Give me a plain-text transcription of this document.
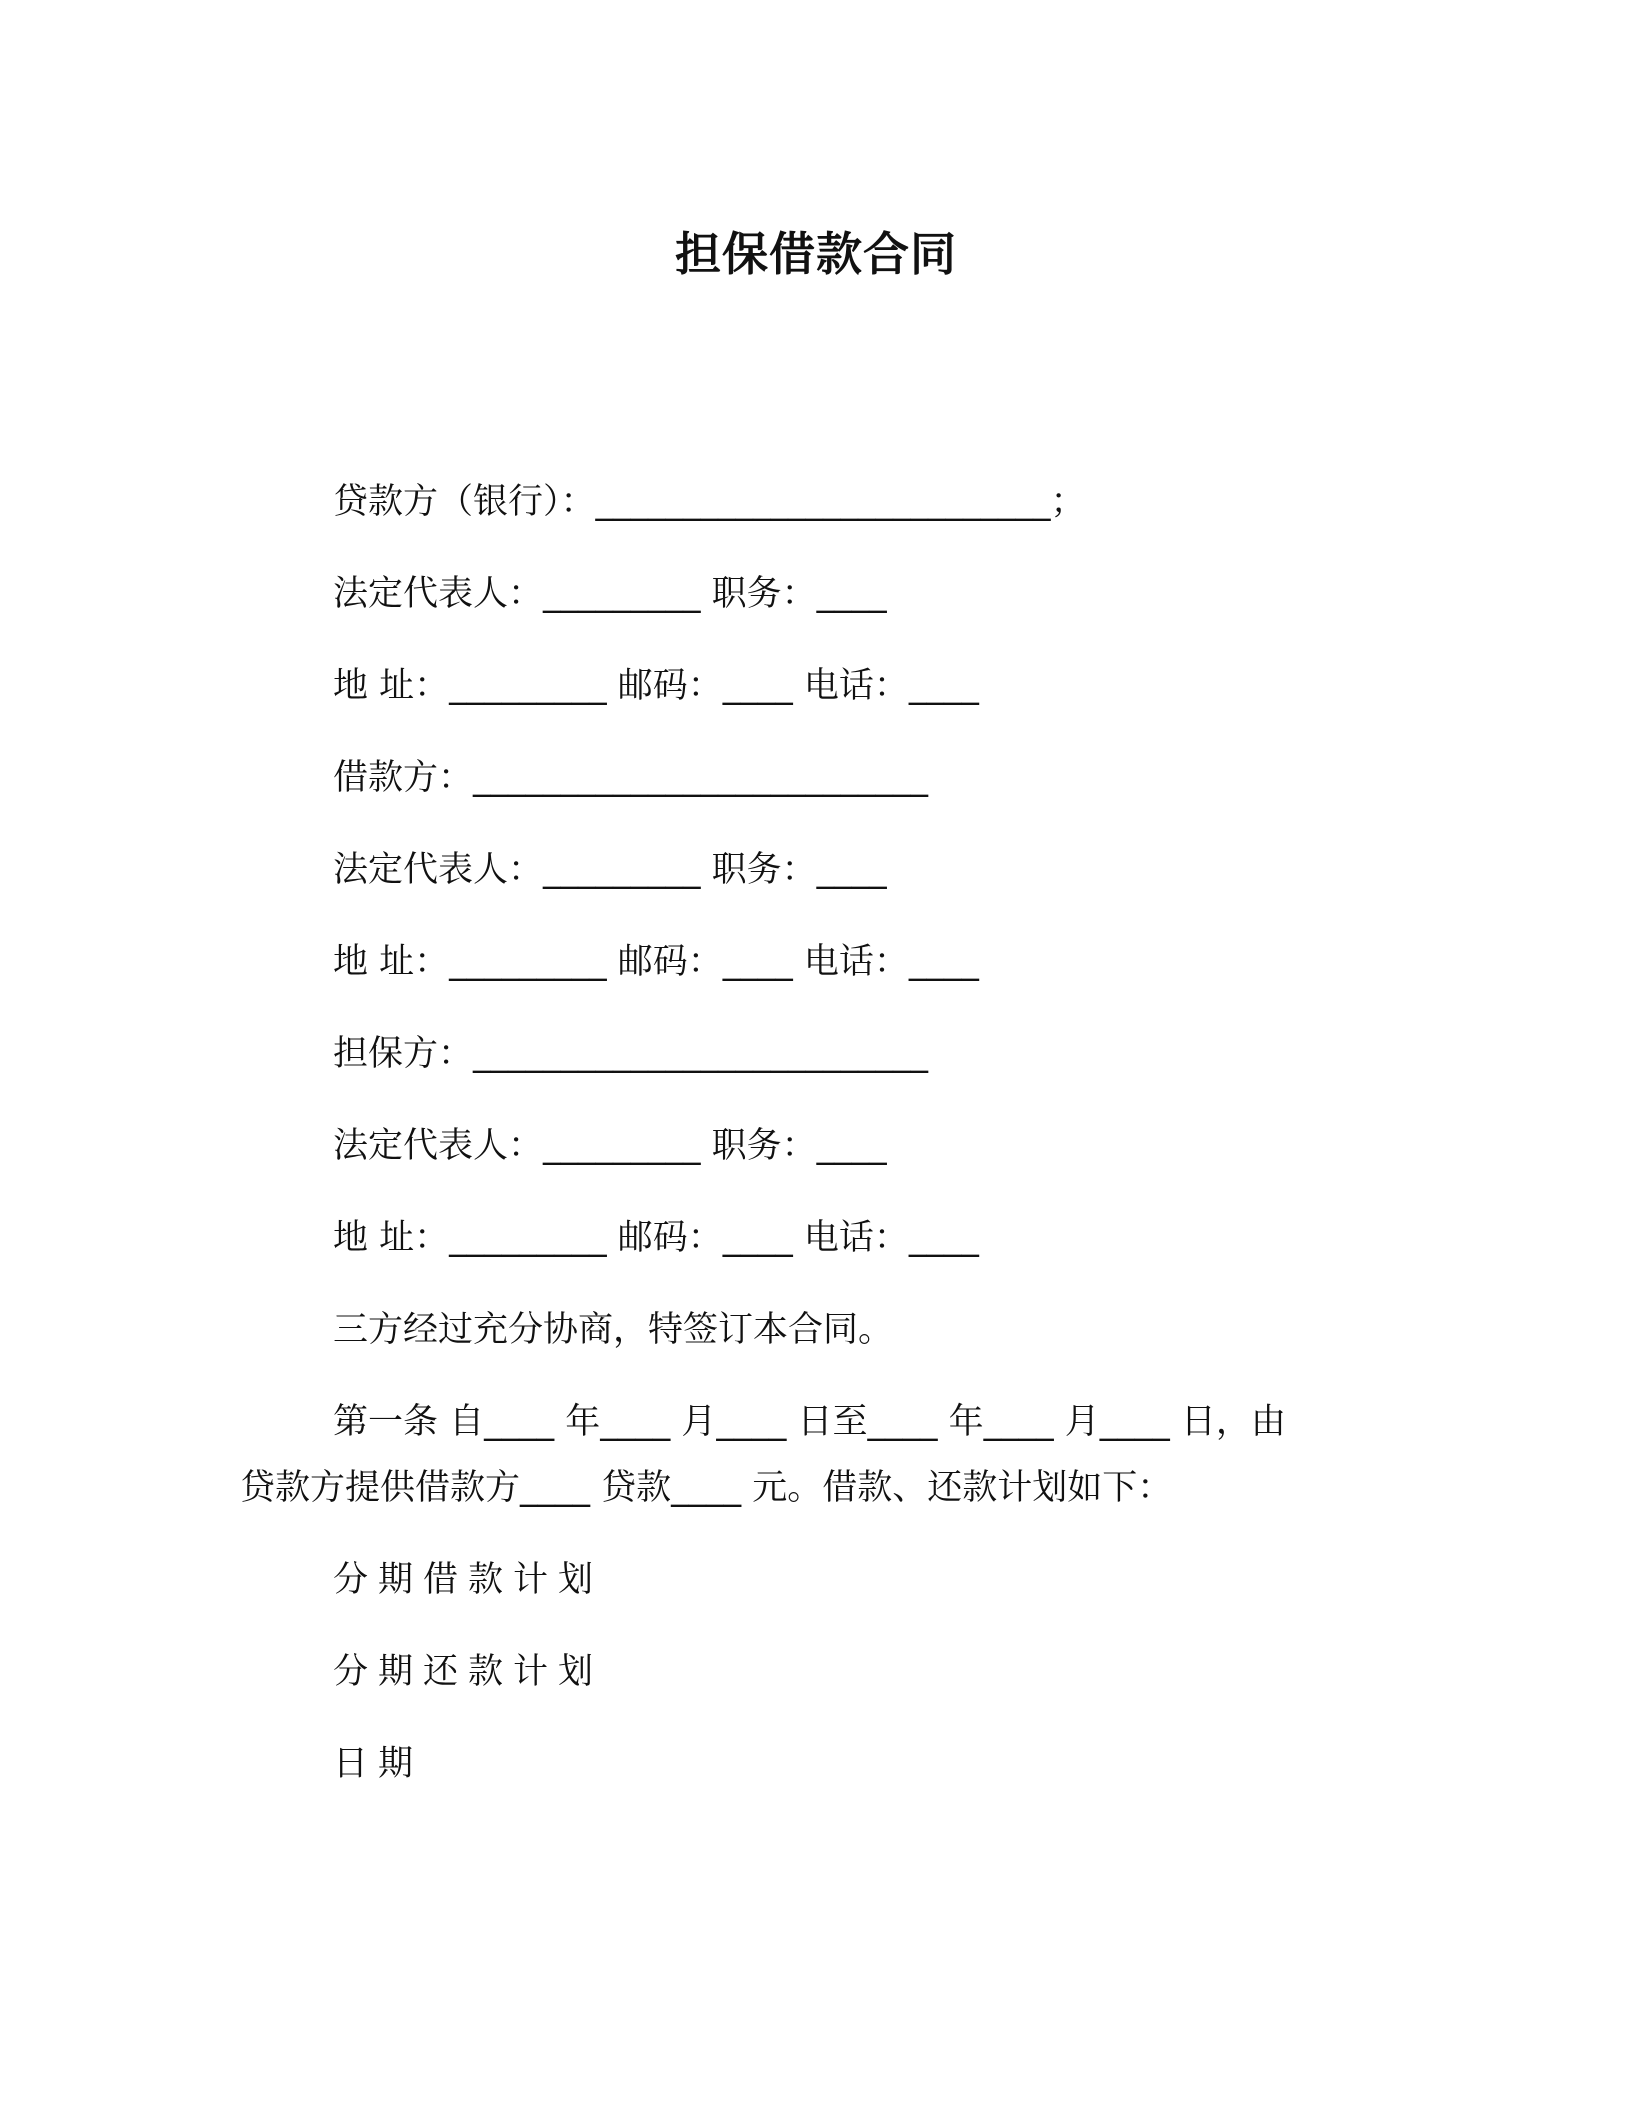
担保借款合同

贷款方（银行）：__________________________；

法定代表人：_________ 职务：____

地 址：_________ 邮码：____ 电话：____

借款方：__________________________

法定代表人：_________ 职务：____

地 址：_________ 邮码：____ 电话：____

担保方：__________________________

法定代表人：_________ 职务：____

地 址：_________ 邮码：____ 电话：____

三方经过充分协商，特签订本合同。

第一条 自____ 年____ 月____ 日至____ 年____ 月____ 日，由

贷款方提供借款方____ 贷款____ 元。借款、还款计划如下：

分期借款计划

分期还款计划

日期
